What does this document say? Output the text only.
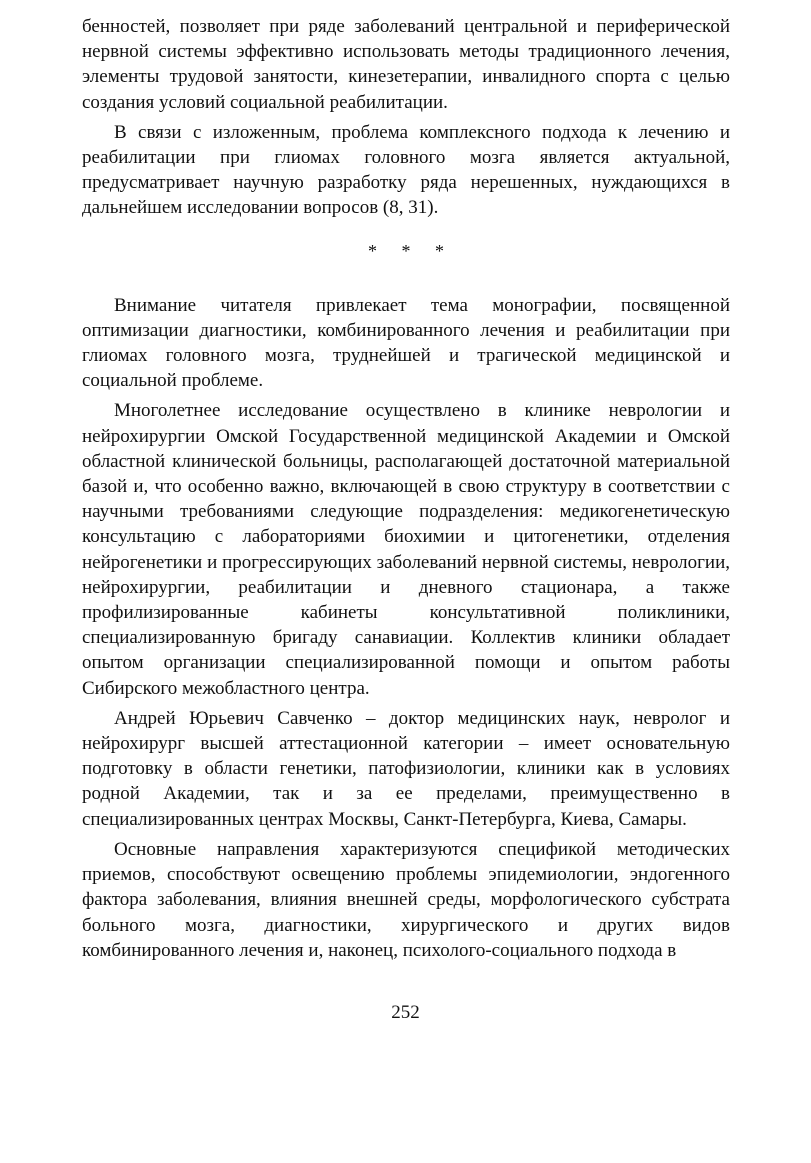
бенностей, позволяет при ряде заболеваний центральной и периферической нервной системы эффективно использовать методы традиционного лечения, элементы трудовой занятости, кинезетерапии, инвалидного спорта с целью создания условий социальной реабилитации.

В связи с изложенным, проблема комплексного подхода к лечению и реабилитации при глиомах головного мозга является актуальной, предусматривает научную разработку ряда нерешенных, нуждающихся в дальнейшем исследовании вопросов (8, 31).

* * *

Внимание читателя привлекает тема монографии, посвященной оптимизации диагностики, комбинированного лечения и реабилитации при глиомах головного мозга, труднейшей и трагической медицинской и социальной проблеме.

Многолетнее исследование осуществлено в клинике неврологии и нейрохирургии Омской Государственной медицинской Академии и Омской областной клинической больницы, располагающей достаточной материальной базой и, что особенно важно, включающей в свою структуру в соответствии с научными требованиями следующие подразделения: медикогенетическую консультацию с лабораториями биохимии и цитогенетики, отделения нейрогенетики и прогрессирующих заболеваний нервной системы, неврологии, нейрохирургии, реабилитации и дневного стационара, а также профилизированные кабинеты консультативной поликлиники, специализированную бригаду санавиации. Коллектив клиники обладает опытом организации специализированной помощи и опытом работы Сибирского межобластного центра.

Андрей Юрьевич Савченко – доктор медицинских наук, невролог и нейрохирург высшей аттестационной категории – имеет основательную подготовку в области генетики, патофизиологии, клиники как в условиях родной Академии, так и за ее пределами, преимущественно в специализированных центрах Москвы, Санкт-Петербурга, Киева, Самары.

Основные направления характеризуются спецификой методических приемов, способствуют освещению проблемы эпидемиологии, эндогенного фактора заболевания, влияния внешней среды, морфологического субстрата больного мозга, диагностики, хирургического и других видов комбинированного лечения и, наконец, психолого-социального подхода в

252
